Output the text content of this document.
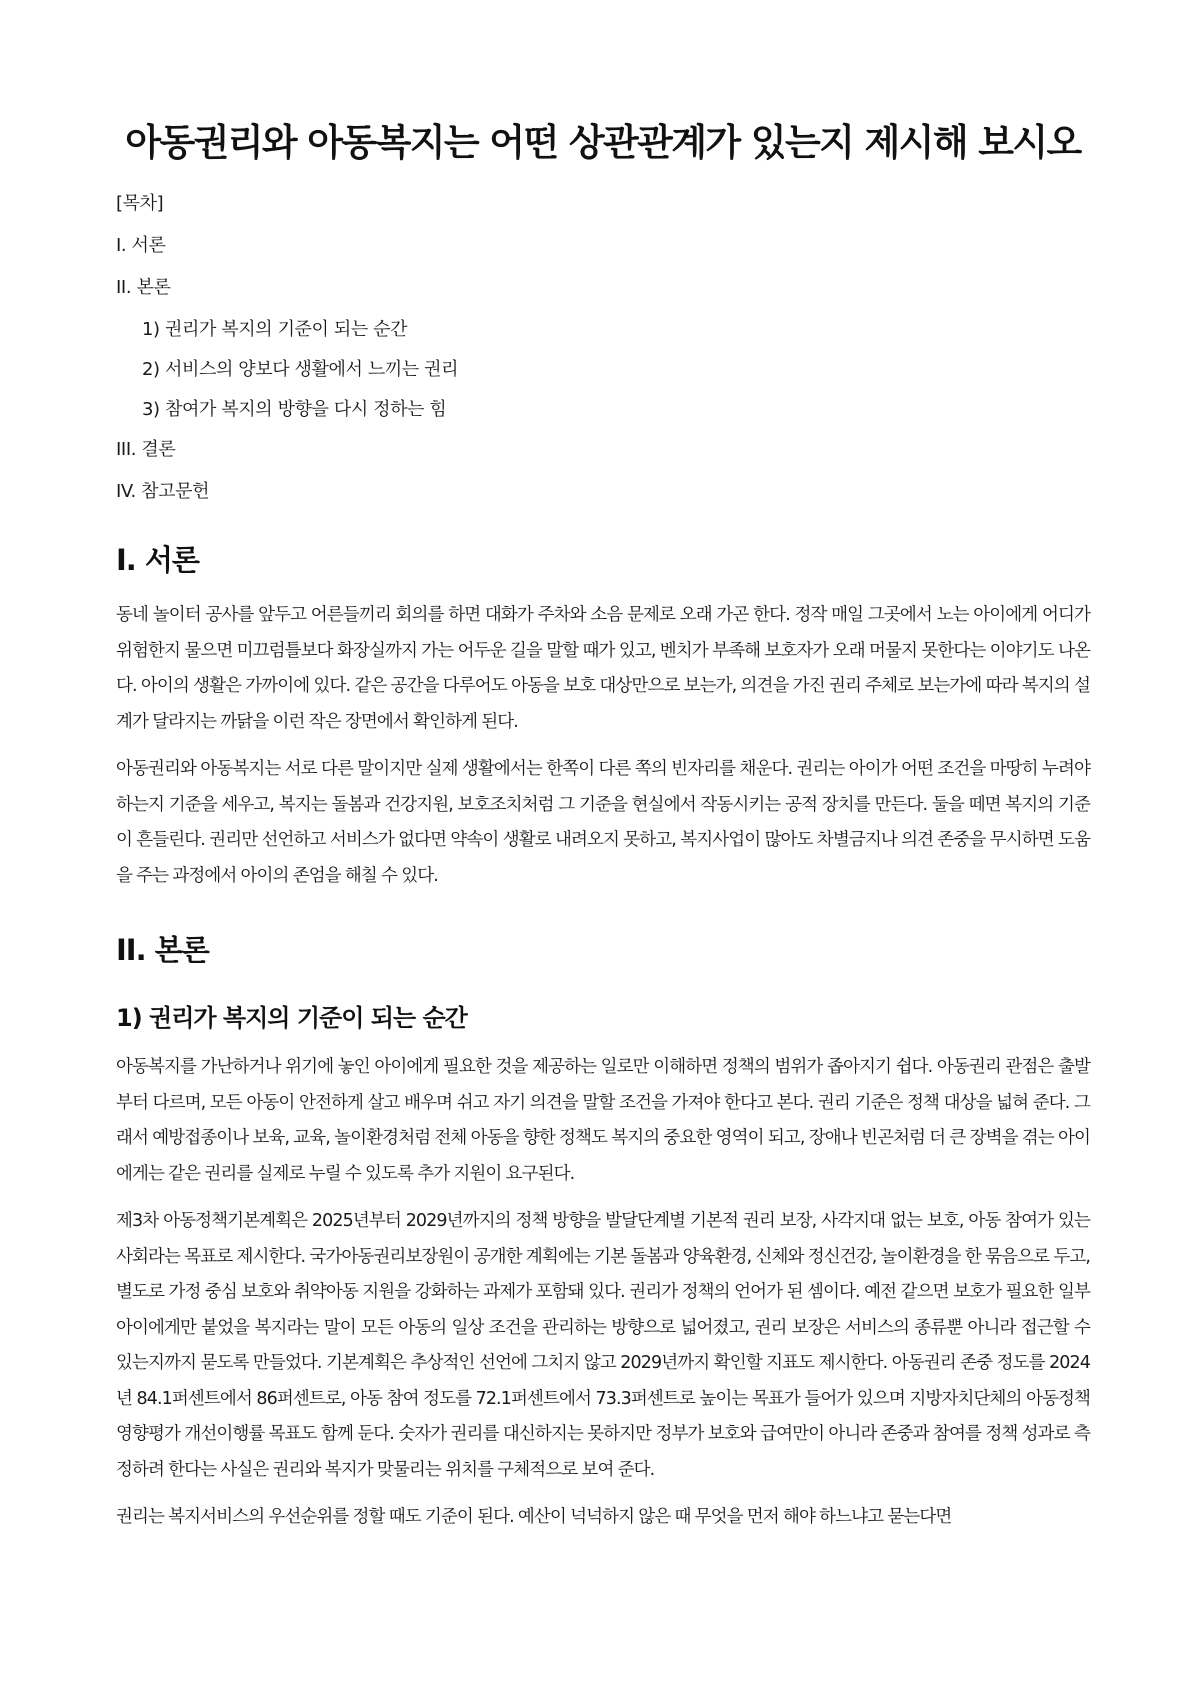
아동권리와 아동복지는 어떤 상관관계가 있는지 제시해 보시오
[목차]
I. 서론
II. 본론
1) 권리가 복지의 기준이 되는 순간
2) 서비스의 양보다 생활에서 느끼는 권리
3) 참여가 복지의 방향을 다시 정하는 힘
III. 결론
IV. 참고문헌
I. 서론

동네 놀이터 공사를 앞두고 어른들끼리 회의를 하면 대화가 주차와 소음 문제로 오래 가곤 한다. 정작 매일 그곳에서 노는 아이에게 어디가 위험한지 물으면 미끄럼틀보다 화장실까지 가는 어두운 길을 말할 때가 있고, 벤치가 부족해 보호자가 오래 머물지 못한다는 이야기도 나온다. 아이의 생활은 가까이에 있다. 같은 공간을 다루어도 아동을 보호 대상만으로 보는가, 의견을 가진 권리 주체로 보는가에 따라 복지의 설계가 달라지는 까닭을 이런 작은 장면에서 확인하게 된다.

아동권리와 아동복지는 서로 다른 말이지만 실제 생활에서는 한쪽이 다른 쪽의 빈자리를 채운다. 권리는 아이가 어떤 조건을 마땅히 누려야 하는지 기준을 세우고, 복지는 돌봄과 건강지원, 보호조치처럼 그 기준을 현실에서 작동시키는 공적 장치를 만든다. 둘을 떼면 복지의 기준이 흔들린다. 권리만 선언하고 서비스가 없다면 약속이 생활로 내려오지 못하고, 복지사업이 많아도 차별금지나 의견 존중을 무시하면 도움을 주는 과정에서 아이의 존엄을 해칠 수 있다.

II. 본론
1) 권리가 복지의 기준이 되는 순간

아동복지를 가난하거나 위기에 놓인 아이에게 필요한 것을 제공하는 일로만 이해하면 정책의 범위가 좁아지기 쉽다. 아동권리 관점은 출발부터 다르며, 모든 아동이 안전하게 살고 배우며 쉬고 자기 의견을 말할 조건을 가져야 한다고 본다. 권리 기준은 정책 대상을 넓혀 준다. 그래서 예방접종이나 보육, 교육, 놀이환경처럼 전체 아동을 향한 정책도 복지의 중요한 영역이 되고, 장애나 빈곤처럼 더 큰 장벽을 겪는 아이에게는 같은 권리를 실제로 누릴 수 있도록 추가 지원이 요구된다.

제3차 아동정책기본계획은 2025년부터 2029년까지의 정책 방향을 발달단계별 기본적 권리 보장, 사각지대 없는 보호, 아동 참여가 있는 사회라는 목표로 제시한다. 국가아동권리보장원이 공개한 계획에는 기본 돌봄과 양육환경, 신체와 정신건강, 놀이환경을 한 묶음으로 두고, 별도로 가정 중심 보호와 취약아동 지원을 강화하는 과제가 포함돼 있다. 권리가 정책의 언어가 된 셈이다. 예전 같으면 보호가 필요한 일부 아이에게만 붙었을 복지라는 말이 모든 아동의 일상 조건을 관리하는 방향으로 넓어졌고, 권리 보장은 서비스의 종류뿐 아니라 접근할 수 있는지까지 묻도록 만들었다. 기본계획은 추상적인 선언에 그치지 않고 2029년까지 확인할 지표도 제시한다. 아동권리 존중 정도를 2024년 84.1퍼센트에서 86퍼센트로, 아동 참여 정도를 72.1퍼센트에서 73.3퍼센트로 높이는 목표가 들어가 있으며 지방자치단체의 아동정책영향평가 개선이행률 목표도 함께 둔다. 숫자가 권리를 대신하지는 못하지만 정부가 보호와 급여만이 아니라 존중과 참여를 정책 성과로 측정하려 한다는 사실은 권리와 복지가 맞물리는 위치를 구체적으로 보여 준다.

권리는 복지서비스의 우선순위를 정할 때도 기준이 된다. 예산이 넉넉하지 않은 때 무엇을 먼저 해야 하느냐고 묻는다면
